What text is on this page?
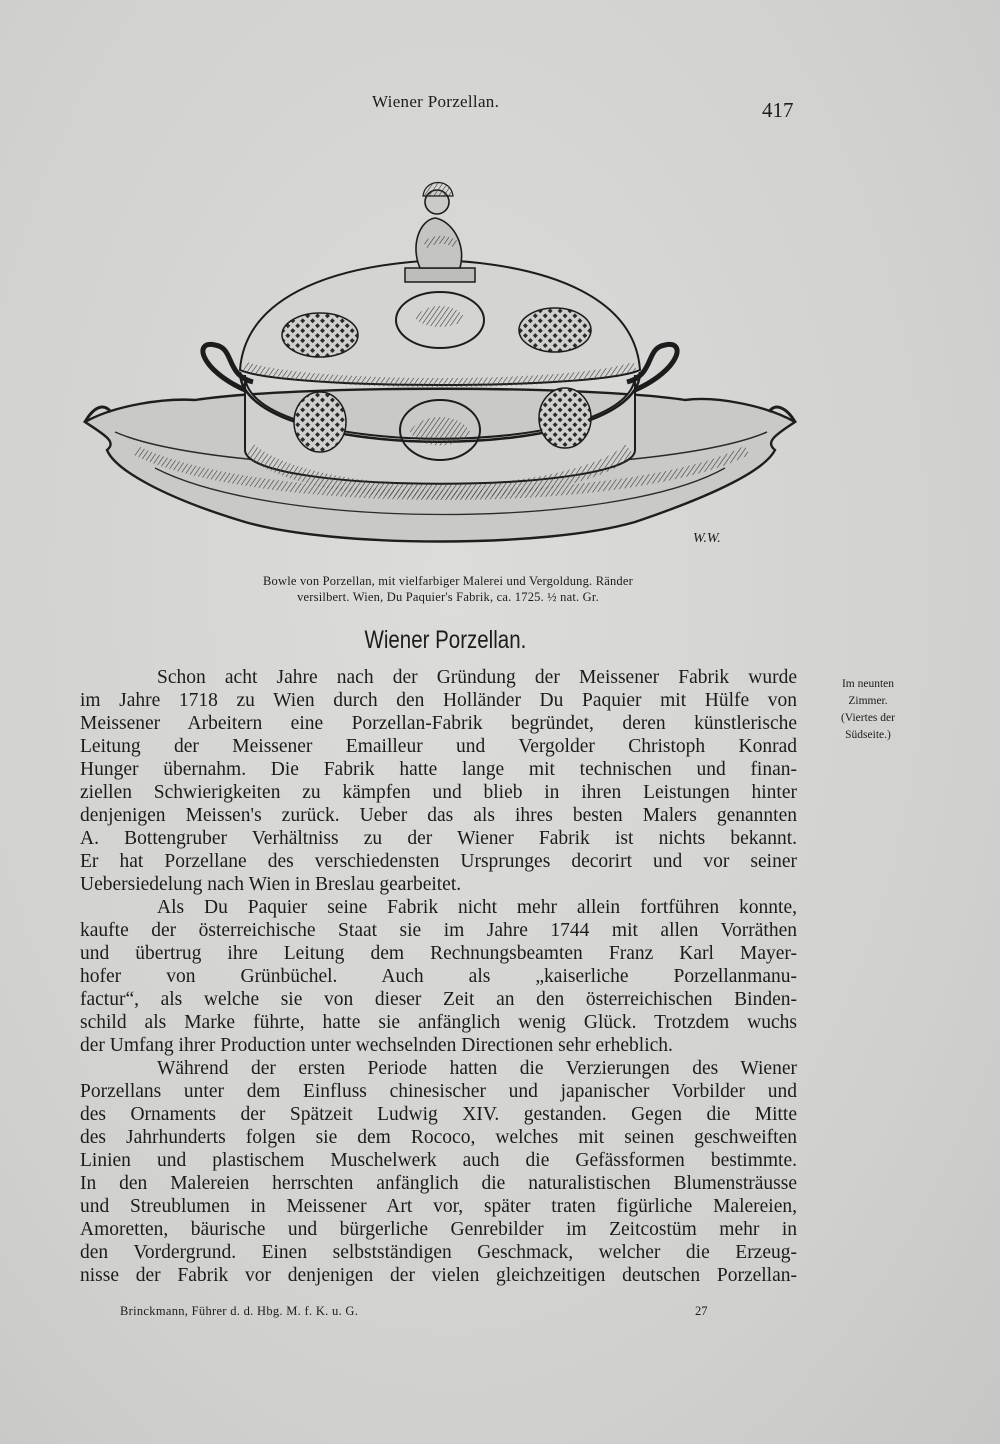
Wiener Porzellan.	417
W.W.
Bowle von Porzellan, mit vielfarbiger Malerei und Vergoldung. Ränder
versilbert. Wien, Du Paquier's Fabrik, ca. 1725. ½ nat. Gr.
Wiener Porzellan.
Im neunten
Zimmer.
(Viertes der
Südseite.)
Schon acht Jahre nach der Gründung der Meissener Fabrik wurde
im Jahre 1718 zu Wien durch den Holländer Du Paquier mit Hülfe von
Meissener Arbeitern eine Porzellan-Fabrik begründet, deren künstlerische
Leitung der Meissener Emailleur und Vergolder Christoph Konrad
Hunger übernahm. Die Fabrik hatte lange mit technischen und finan-
ziellen Schwierigkeiten zu kämpfen und blieb in ihren Leistungen hinter
denjenigen Meissen's zurück. Ueber das als ihres besten Malers genannten
A. Bottengruber Verhältniss zu der Wiener Fabrik ist nichts bekannt.
Er hat Porzellane des verschiedensten Ursprunges decorirt und vor seiner
Uebersiedelung nach Wien in Breslau gearbeitet.
Als Du Paquier seine Fabrik nicht mehr allein fortführen konnte,
kaufte der österreichische Staat sie im Jahre 1744 mit allen Vorräthen
und übertrug ihre Leitung dem Rechnungsbeamten Franz Karl Mayer-
hofer von Grünbüchel. Auch als „kaiserliche Porzellanmanu-
factur“, als welche sie von dieser Zeit an den österreichischen Binden-
schild als Marke führte, hatte sie anfänglich wenig Glück. Trotzdem wuchs
der Umfang ihrer Production unter wechselnden Directionen sehr erheblich.
Während der ersten Periode hatten die Verzierungen des Wiener
Porzellans unter dem Einfluss chinesischer und japanischer Vorbilder und
des Ornaments der Spätzeit Ludwig XIV. gestanden. Gegen die Mitte
des Jahrhunderts folgen sie dem Rococo, welches mit seinen geschweiften
Linien und plastischem Muschelwerk auch die Gefässformen bestimmte.
In den Malereien herrschten anfänglich die naturalistischen Blumensträusse
und Streublumen in Meissener Art vor, später traten figürliche Malereien,
Amoretten, bäurische und bürgerliche Genrebilder im Zeitcostüm mehr in
den Vordergrund. Einen selbstständigen Geschmack, welcher die Erzeug-
nisse der Fabrik vor denjenigen der vielen gleichzeitigen deutschen Porzellan-
Brinckmann, Führer d. d. Hbg. M. f. K. u. G.	27
